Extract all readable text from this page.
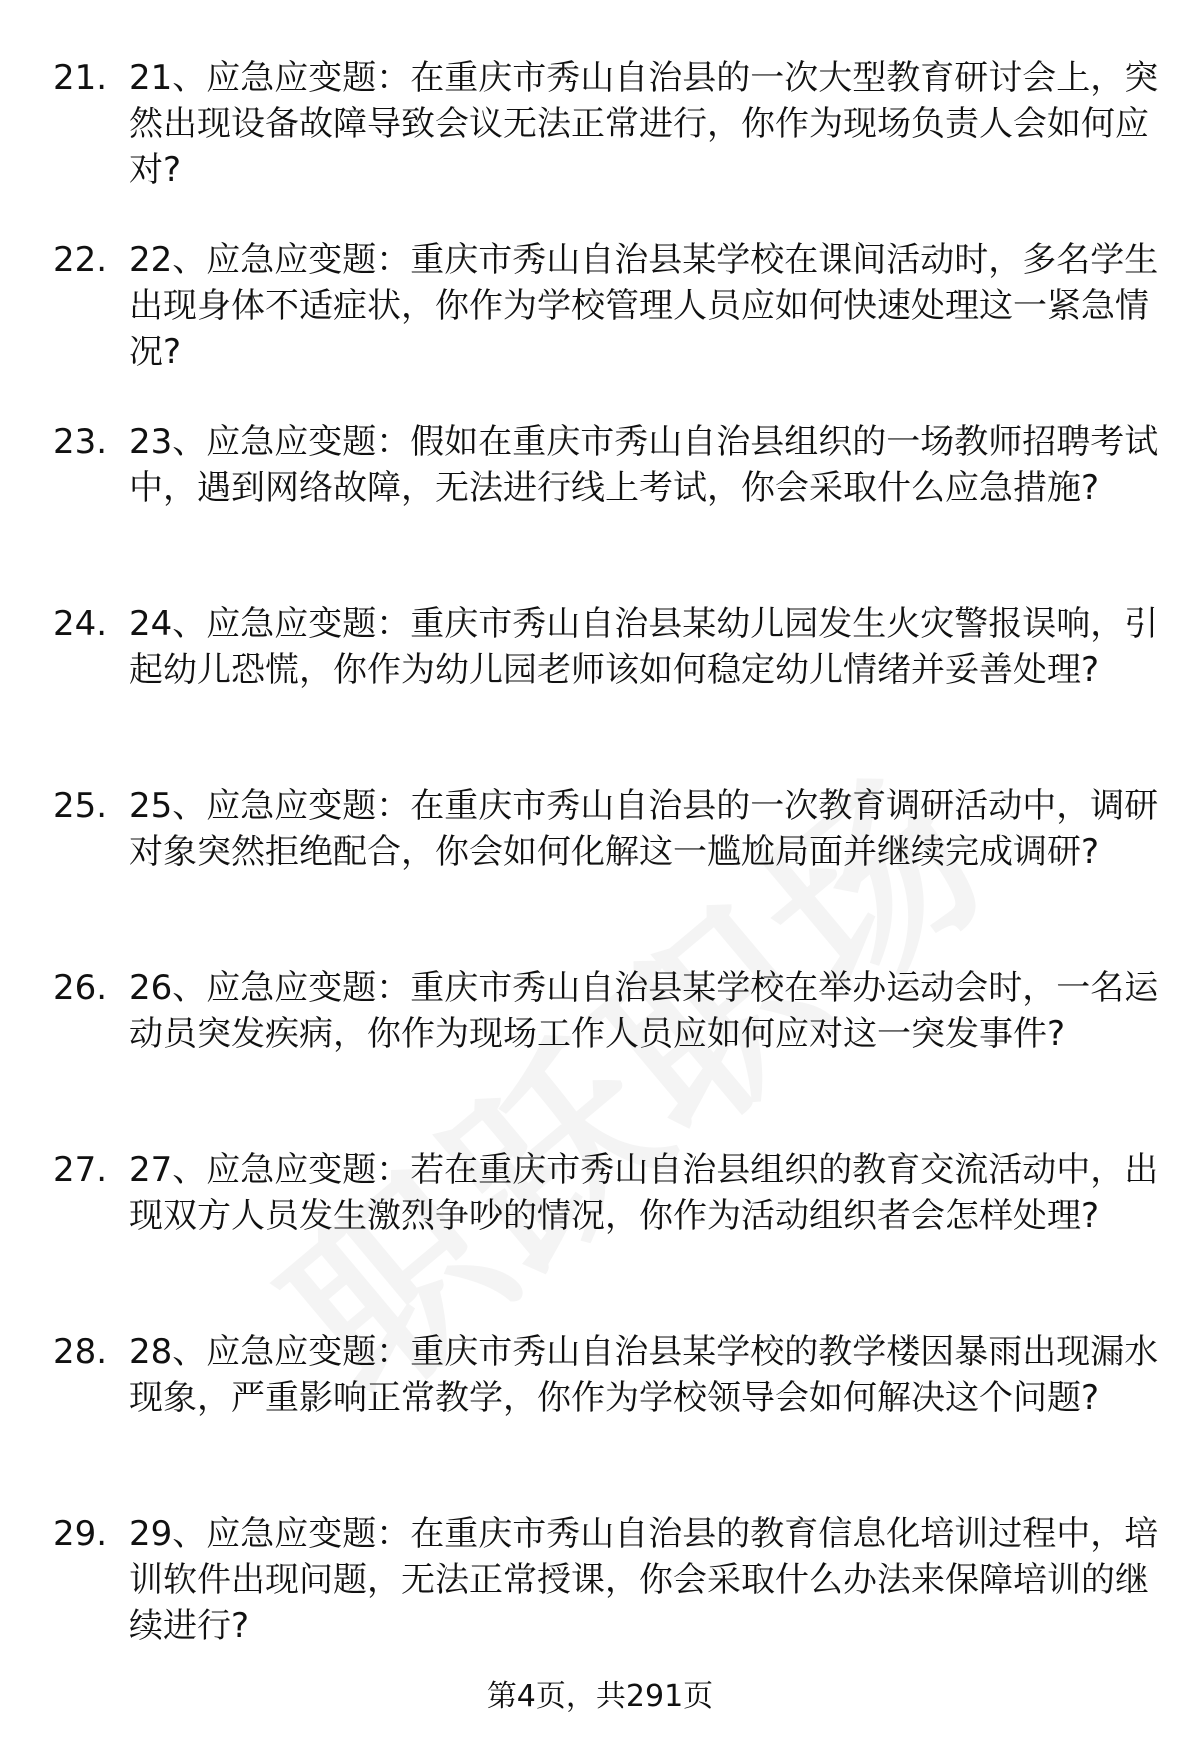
21. 21、应急应变题：在重庆市秀山自治县的一次大型教育研讨会上，突然出现设备故障导致会议无法正常进行，你作为现场负责人会如何应对?
22. 22、应急应变题：重庆市秀山自治县某学校在课间活动时，多名学生出现身体不适症状，你作为学校管理人员应如何快速处理这一紧急情况?
23. 23、应急应变题：假如在重庆市秀山自治县组织的一场教师招聘考试中，遇到网络故障，无法进行线上考试，你会采取什么应急措施?
24. 24、应急应变题：重庆市秀山自治县某幼儿园发生火灾警报误响，引起幼儿恐慌，你作为幼儿园老师该如何稳定幼儿情绪并妥善处理?
25. 25、应急应变题：在重庆市秀山自治县的一次教育调研活动中，调研对象突然拒绝配合，你会如何化解这一尴尬局面并继续完成调研?
26. 26、应急应变题：重庆市秀山自治县某学校在举办运动会时，一名运动员突发疾病，你作为现场工作人员应如何应对这一突发事件?
27. 27、应急应变题：若在重庆市秀山自治县组织的教育交流活动中，出现双方人员发生激烈争吵的情况，你作为活动组织者会怎样处理?
28. 28、应急应变题：重庆市秀山自治县某学校的教学楼因暴雨出现漏水现象，严重影响正常教学，你作为学校领导会如何解决这个问题?
29. 29、应急应变题：在重庆市秀山自治县的教育信息化培训过程中，培训软件出现问题，无法正常授课，你会采取什么办法来保障培训的继续进行?
第4页，共291页
